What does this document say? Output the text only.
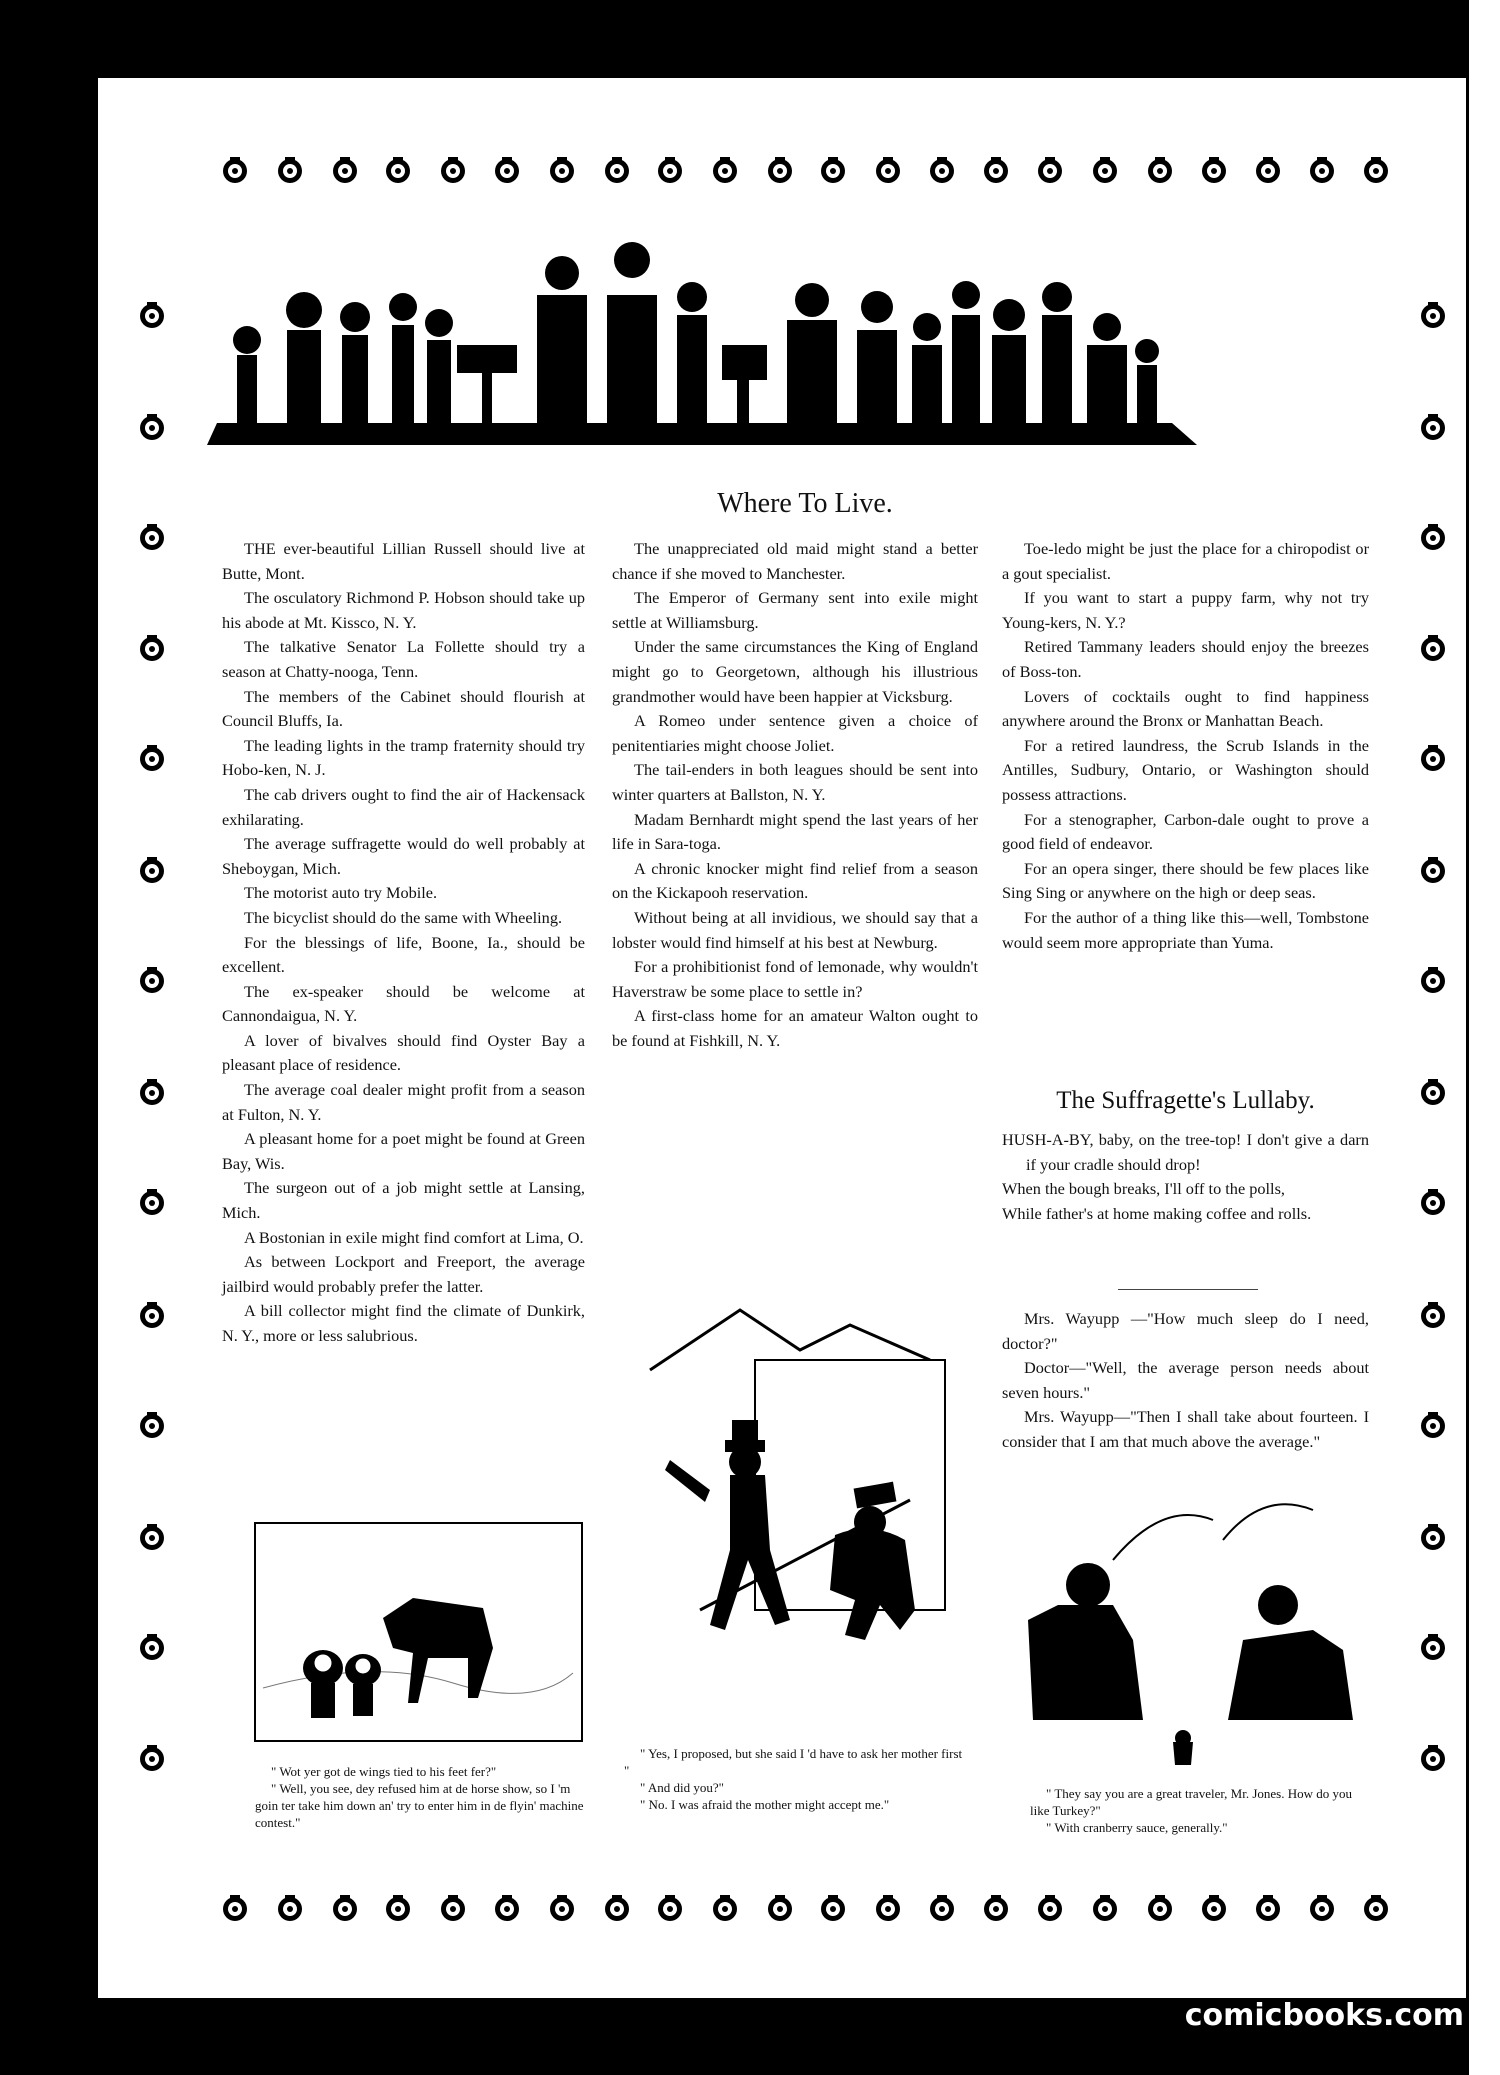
Where To Live.

THE ever-beautiful Lillian Russell should live at Butte, Mont.

The osculatory Richmond P. Hobson should take up his abode at Mt. Kissco, N. Y.

The talkative Senator La Follette should try a season at Chatty-nooga, Tenn.

The members of the Cabinet should flourish at Council Bluffs, Ia.

The leading lights in the tramp fraternity should try Hobo-ken, N. J.

The cab drivers ought to find the air of Hackensack exhilarating.

The average suffragette would do well probably at Sheboygan, Mich.

The motorist auto try Mobile.

The bicyclist should do the same with Wheeling.

For the blessings of life, Boone, Ia., should be excellent.

The ex-speaker should be welcome at Cannondaigua, N. Y.

A lover of bivalves should find Oyster Bay a pleasant place of residence.

The average coal dealer might profit from a season at Fulton, N. Y.

A pleasant home for a poet might be found at Green Bay, Wis.

The surgeon out of a job might settle at Lansing, Mich.

A Bostonian in exile might find comfort at Lima, O.

As between Lockport and Freeport, the average jailbird would probably prefer the latter.

A bill collector might find the climate of Dunkirk, N. Y., more or less salubrious.

The unappreciated old maid might stand a better chance if she moved to Manchester.

The Emperor of Germany sent into exile might settle at Williamsburg.

Under the same circumstances the King of England might go to Georgetown, although his illustrious grandmother would have been happier at Vicksburg.

A Romeo under sentence given a choice of penitentiaries might choose Joliet.

The tail-enders in both leagues should be sent into winter quarters at Ballston, N. Y.

Madam Bernhardt might spend the last years of her life in Sara-toga.

A chronic knocker might find relief from a season on the Kickapooh reservation.

Without being at all invidious, we should say that a lobster would find himself at his best at Newburg.

For a prohibitionist fond of lemonade, why wouldn't Haverstraw be some place to settle in?

A first-class home for an amateur Walton ought to be found at Fishkill, N. Y.

Toe-ledo might be just the place for a chiropodist or a gout specialist.

If you want to start a puppy farm, why not try Young-kers, N. Y.?

Retired Tammany leaders should enjoy the breezes of Boss-ton.

Lovers of cocktails ought to find happiness anywhere around the Bronx or Manhattan Beach.

For a retired laundress, the Scrub Islands in the Antilles, Sudbury, Ontario, or Washington should possess attractions.

For a stenographer, Carbon-dale ought to prove a good field of endeavor.

For an opera singer, there should be few places like Sing Sing or anywhere on the high or deep seas.

For the author of a thing like this—well, Tombstone would seem more appropriate than Yuma.

The Suffragette's Lullaby.

HUSH-A-BY, baby, on the tree-top! I don't give a darn if your cradle should drop!

When the bough breaks, I'll off to the polls,

While father's at home making coffee and rolls.

Mrs. Wayupp —"How much sleep do I need, doctor?"

Doctor—"Well, the average person needs about seven hours."

Mrs. Wayupp—"Then I shall take about fourteen. I consider that I am that much above the average."

" Wot yer got de wings tied to his feet fer?"

" Well, you see, dey refused him at de horse show, so I 'm goin ter take him down an' try to enter him in de flyin' machine contest."

" Yes, I proposed, but she said I 'd have to ask her mother first "

" And did you?"

" No. I was afraid the mother might accept me."

" They say you are a great traveler, Mr. Jones. How do you like Turkey?"

" With cranberry sauce, generally."

comicbooks.com
